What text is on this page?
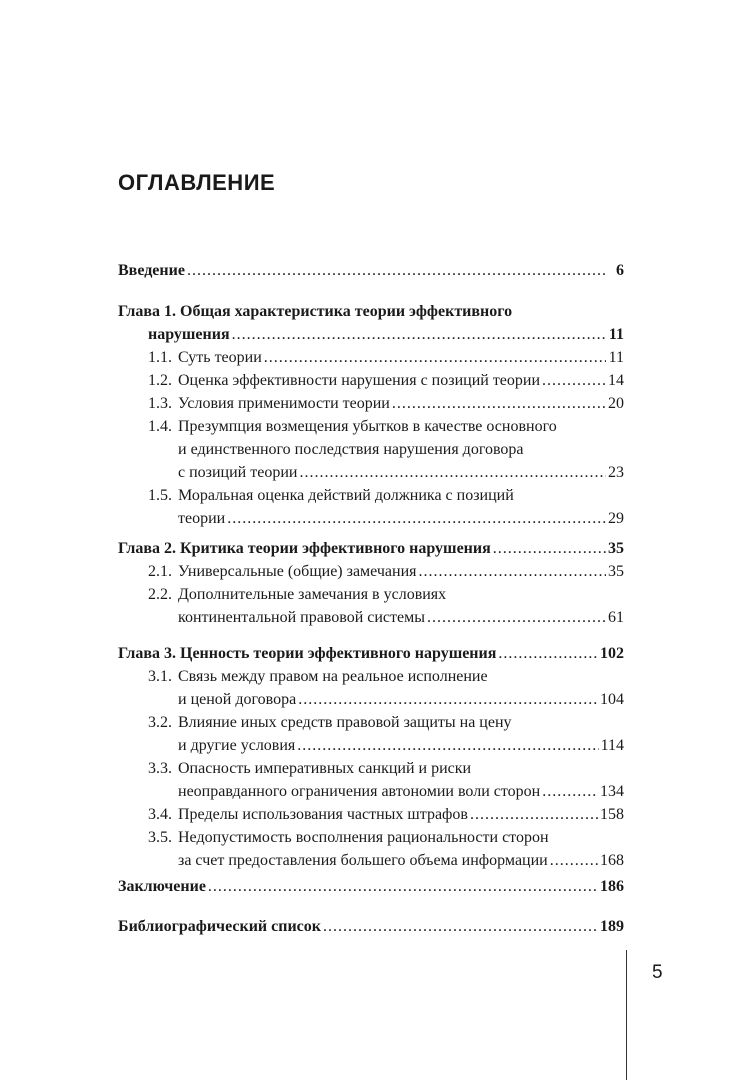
ОГЛАВЛЕНИЕ
Введение .....	6
Глава 1. Общая характеристика теории эффективного
нарушения .....	11
1.1. Суть теории .....	11
1.2. Оценка эффективности нарушения с позиций теории .....	14
1.3. Условия применимости теории .....	20
1.4. Презумпция возмещения убытков в качестве основного
и единственного последствия нарушения договора
с позиций теории .....	23
1.5. Моральная оценка действий должника с позиций
теории .....	29
Глава 2. Критика теории эффективного нарушения .....	35
2.1. Универсальные (общие) замечания .....	35
2.2. Дополнительные замечания в условиях
континентальной правовой системы .....	61
Глава 3. Ценность теории эффективного нарушения .....	102
3.1. Связь между правом на реальное исполнение
и ценой договора .....	104
3.2. Влияние иных средств правовой защиты на цену
и другие условия .....	114
3.3. Опасность императивных санкций и риски
неоправданного ограничения автономии воли сторон .....	134
3.4. Пределы использования частных штрафов .....	158
3.5. Недопустимость восполнения рациональности сторон
за счет предоставления большего объема информации .....	168
Заключение .....	186
Библиографический список .....	189
5
